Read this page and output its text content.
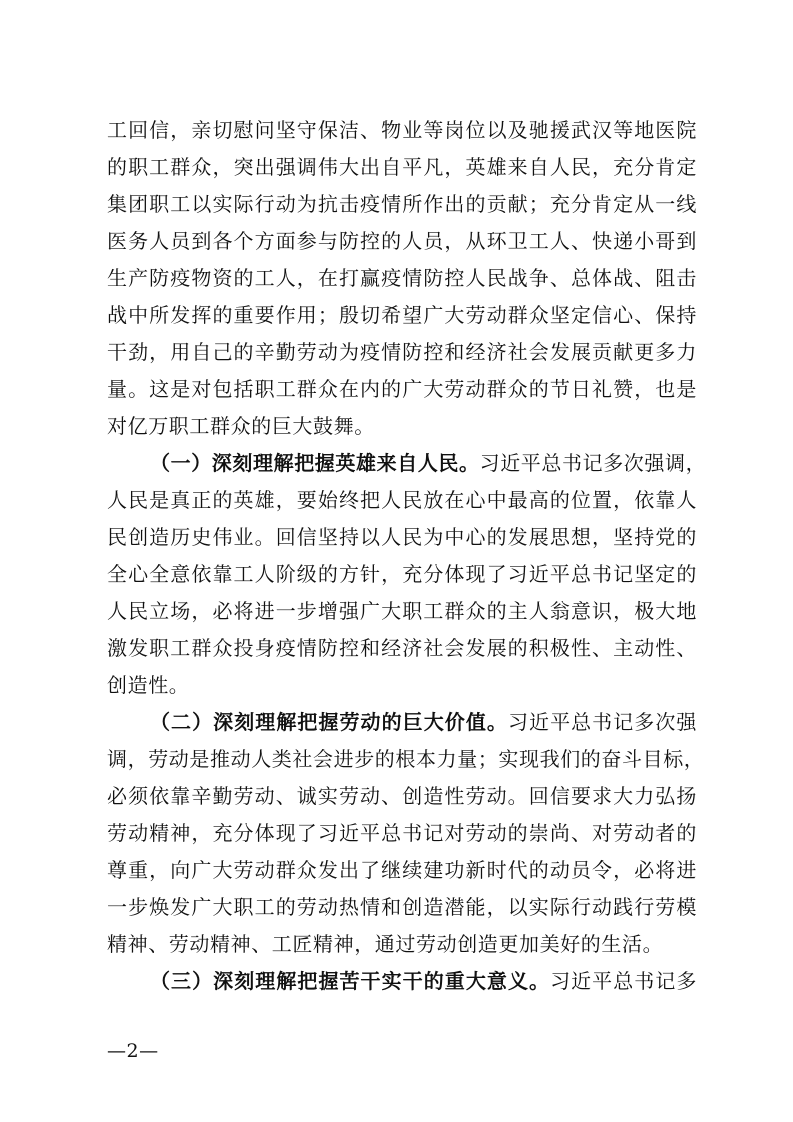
工回信，亲切慰问坚守保洁、物业等岗位以及驰援武汉等地医院
的职工群众，突出强调伟大出自平凡，英雄来自人民，充分肯定
集团职工以实际行动为抗击疫情所作出的贡献；充分肯定从一线
医务人员到各个方面参与防控的人员，从环卫工人、快递小哥到
生产防疫物资的工人，在打赢疫情防控人民战争、总体战、阻击
战中所发挥的重要作用；殷切希望广大劳动群众坚定信心、保持
干劲，用自己的辛勤劳动为疫情防控和经济社会发展贡献更多力
量。这是对包括职工群众在内的广大劳动群众的节日礼赞，也是
对亿万职工群众的巨大鼓舞。
（一）深刻理解把握英雄来自人民。习近平总书记多次强调，
人民是真正的英雄，要始终把人民放在心中最高的位置，依靠人
民创造历史伟业。回信坚持以人民为中心的发展思想，坚持党的
全心全意依靠工人阶级的方针，充分体现了习近平总书记坚定的
人民立场，必将进一步增强广大职工群众的主人翁意识，极大地
激发职工群众投身疫情防控和经济社会发展的积极性、主动性、
创造性。
（二）深刻理解把握劳动的巨大价值。习近平总书记多次强
调，劳动是推动人类社会进步的根本力量；实现我们的奋斗目标，
必须依靠辛勤劳动、诚实劳动、创造性劳动。回信要求大力弘扬
劳动精神，充分体现了习近平总书记对劳动的崇尚、对劳动者的
尊重，向广大劳动群众发出了继续建功新时代的动员令，必将进
一步焕发广大职工的劳动热情和创造潜能，以实际行动践行劳模
精神、劳动精神、工匠精神，通过劳动创造更加美好的生活。
（三）深刻理解把握苦干实干的重大意义。习近平总书记多
—2—
